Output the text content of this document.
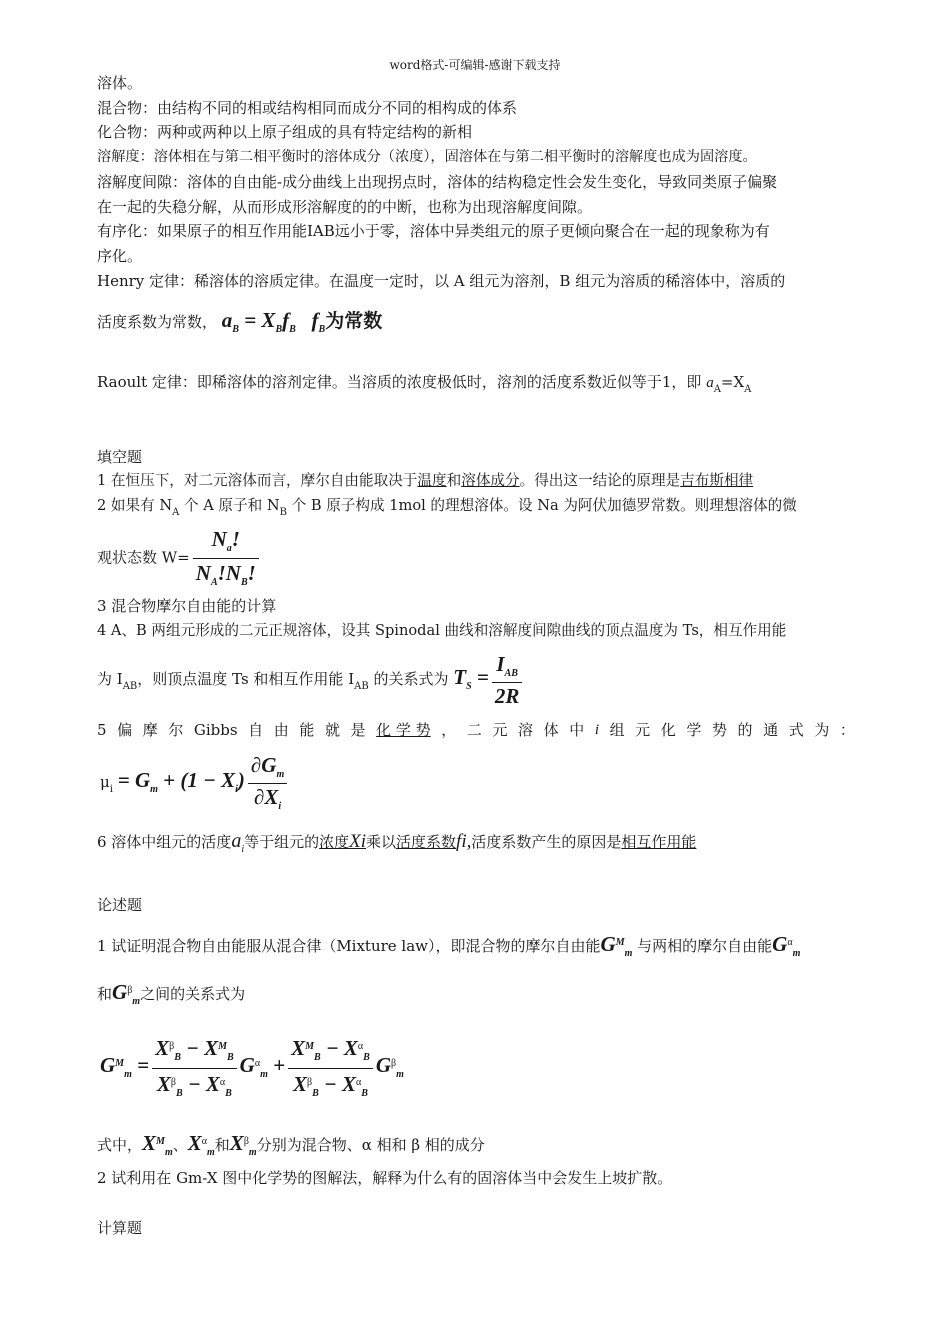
word格式-可编辑-感谢下载支持
溶体。
混合物：由结构不同的相或结构相同而成分不同的相构成的体系
化合物：两种或两种以上原子组成的具有特定结构的新相
溶解度：溶体相在与第二相平衡时的溶体成分（浓度），固溶体在与第二相平衡时的溶解度也成为固溶度。
溶解度间隙：溶体的自由能-成分曲线上出现拐点时，溶体的结构稳定性会发生变化，导致同类原子偏聚
在一起的失稳分解，从而形成形溶解度的的中断，也称为出现溶解度间隙。
有序化：如果原子的相互作用能IAB远小于零，溶体中异类组元的原子更倾向聚合在一起的现象称为有
序化。
Henry 定律：稀溶体的溶质定律。在温度一定时，以 A 组元为溶剂，B 组元为溶质的稀溶体中，溶质的
活度系数为常数， $a_B = X_Bf_B$   $f_B$为常数
Raoult 定律：即稀溶体的溶剂定律。当溶质的浓度极低时，溶剂的活度系数近似等于1，即 $a_A=X_A$
填空题
1 在恒压下，对二元溶体而言，摩尔自由能取决于温度和溶体成分。得出这一结论的原理是吉布斯相律
2 如果有 $N_A$ 个 A 原子和 $N_B$ 个 B 原子构成 1mol 的理想溶体。设 Na 为阿伏加德罗常数。则理想溶体的微
观状态数 $W= \frac{N_a!}{N_A!N_B!}$
3 混合物摩尔自由能的计算
4 A、B 两组元形成的二元正规溶体，设其 Spinodal 曲线和溶解度间隙曲线的顶点温度为 Ts，相互作用能
为 $I_{AB}$，则顶点温度 Ts 和相互作用能 $I_{AB}$ 的关系式为 $T_S = \frac{I_{AB}}{2R}$
5 偏 摩 尔 Gibbs 自 由 能 就 是 化 学 势 ， 二 元 溶 体 中 i 组 元 化 学 势 的 通 式 为 ：
$\mu_i = G_m + (1 - X_i) \frac{\partial G_m}{\partial X_i}$
6 溶体中组元的活度$a_i$等于组元的浓度Xi乘以活度系数fi,活度系数产生的原因是相互作用能
论述题
1 试证明混合物自由能服从混合律（Mixture law），即混合物的摩尔自由能$G^M_m$ 与两相的摩尔自由能$G^\alpha_m$
和$G^\beta_m$之间的关系式为
$G^M_m = \frac{X^\beta_B - X^M_B}{X^\beta_B - X^\alpha_B} G^\alpha_m + \frac{X^M_B - X^\alpha_B}{X^\beta_B - X^\alpha_B} G^\beta_m$
式中，$X^M_m$、$X^\alpha_m$和$X^\beta_m$分别为混合物、α 相和 β 相的成分
2 试利用在 Gm-X 图中化学势的图解法，解释为什么有的固溶体当中会发生上坡扩散。
计算题
